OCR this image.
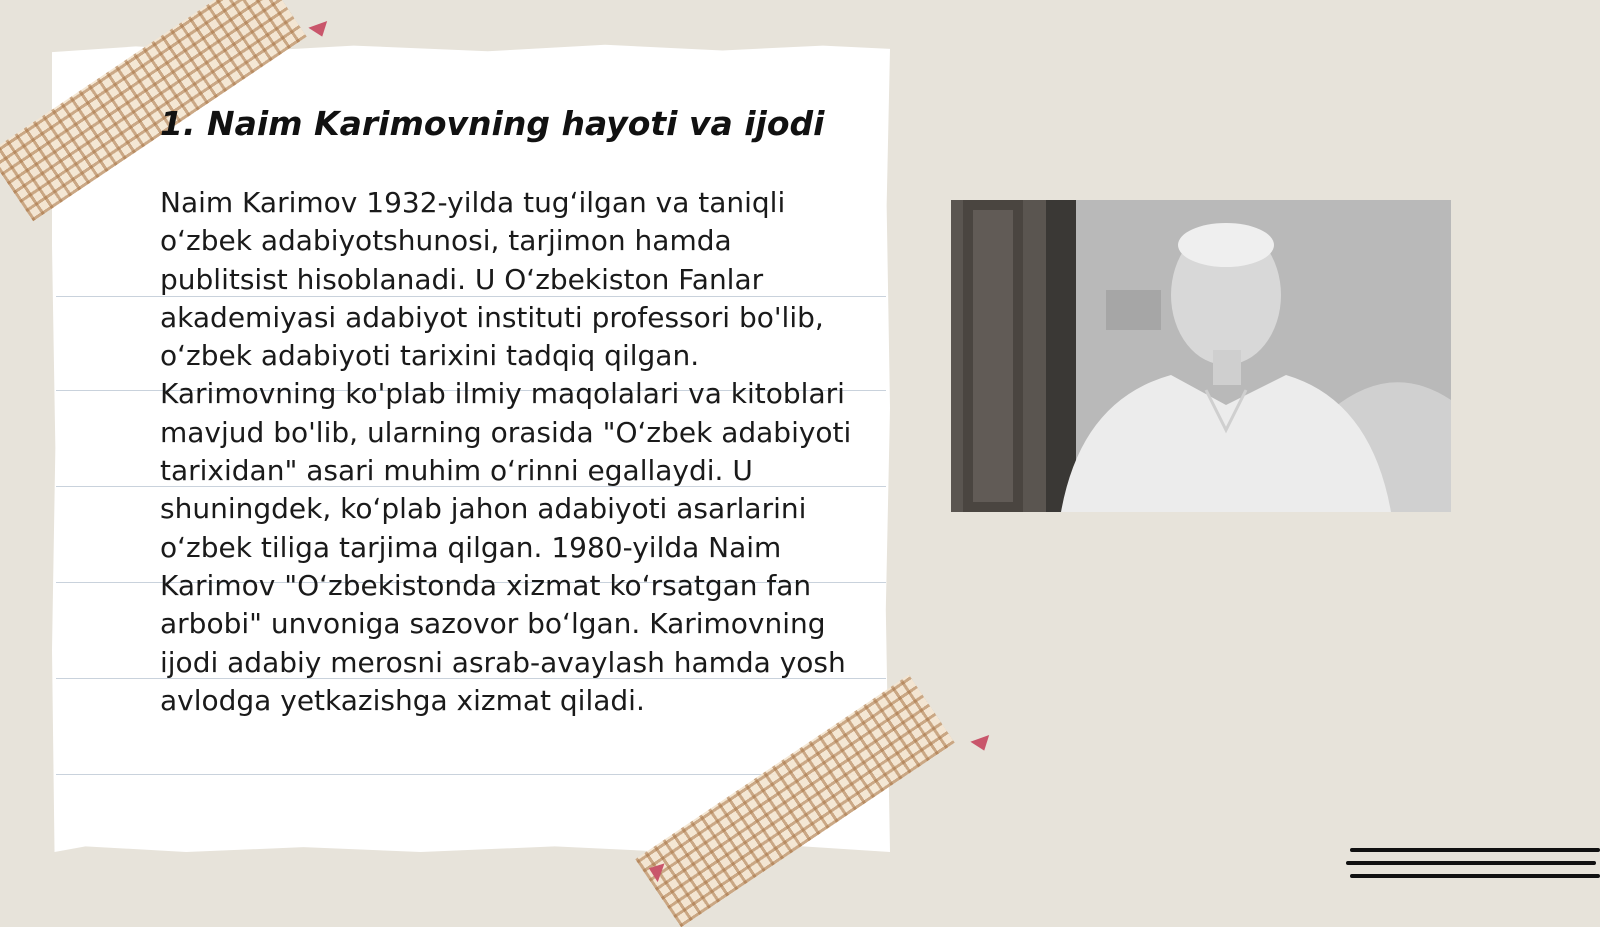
1. Naim Karimovning hayoti va ijodi

Naim Karimov 1932-yilda tugʻilgan va taniqli oʻzbek adabiyotshunosi, tarjimon hamda publitsist hisoblanadi. U Oʻzbekiston Fanlar akademiyasi adabiyot instituti professori bo'lib, oʻzbek adabiyoti tarixini tadqiq qilgan. Karimovning ko'plab ilmiy maqolalari va kitoblari mavjud bo'lib, ularning orasida "Oʻzbek adabiyoti tarixidan" asari muhim oʻrinni egallaydi. U shuningdek, koʻplab jahon adabiyoti asarlarini oʻzbek tiliga tarjima qilgan. 1980-yilda Naim Karimov "Oʻzbekistonda xizmat koʻrsatgan fan arbobi" unvoniga sazovor boʻlgan. Karimovning ijodi adabiy merosni asrab-avaylash hamda yosh avlodga yetkazishga xizmat qiladi.
